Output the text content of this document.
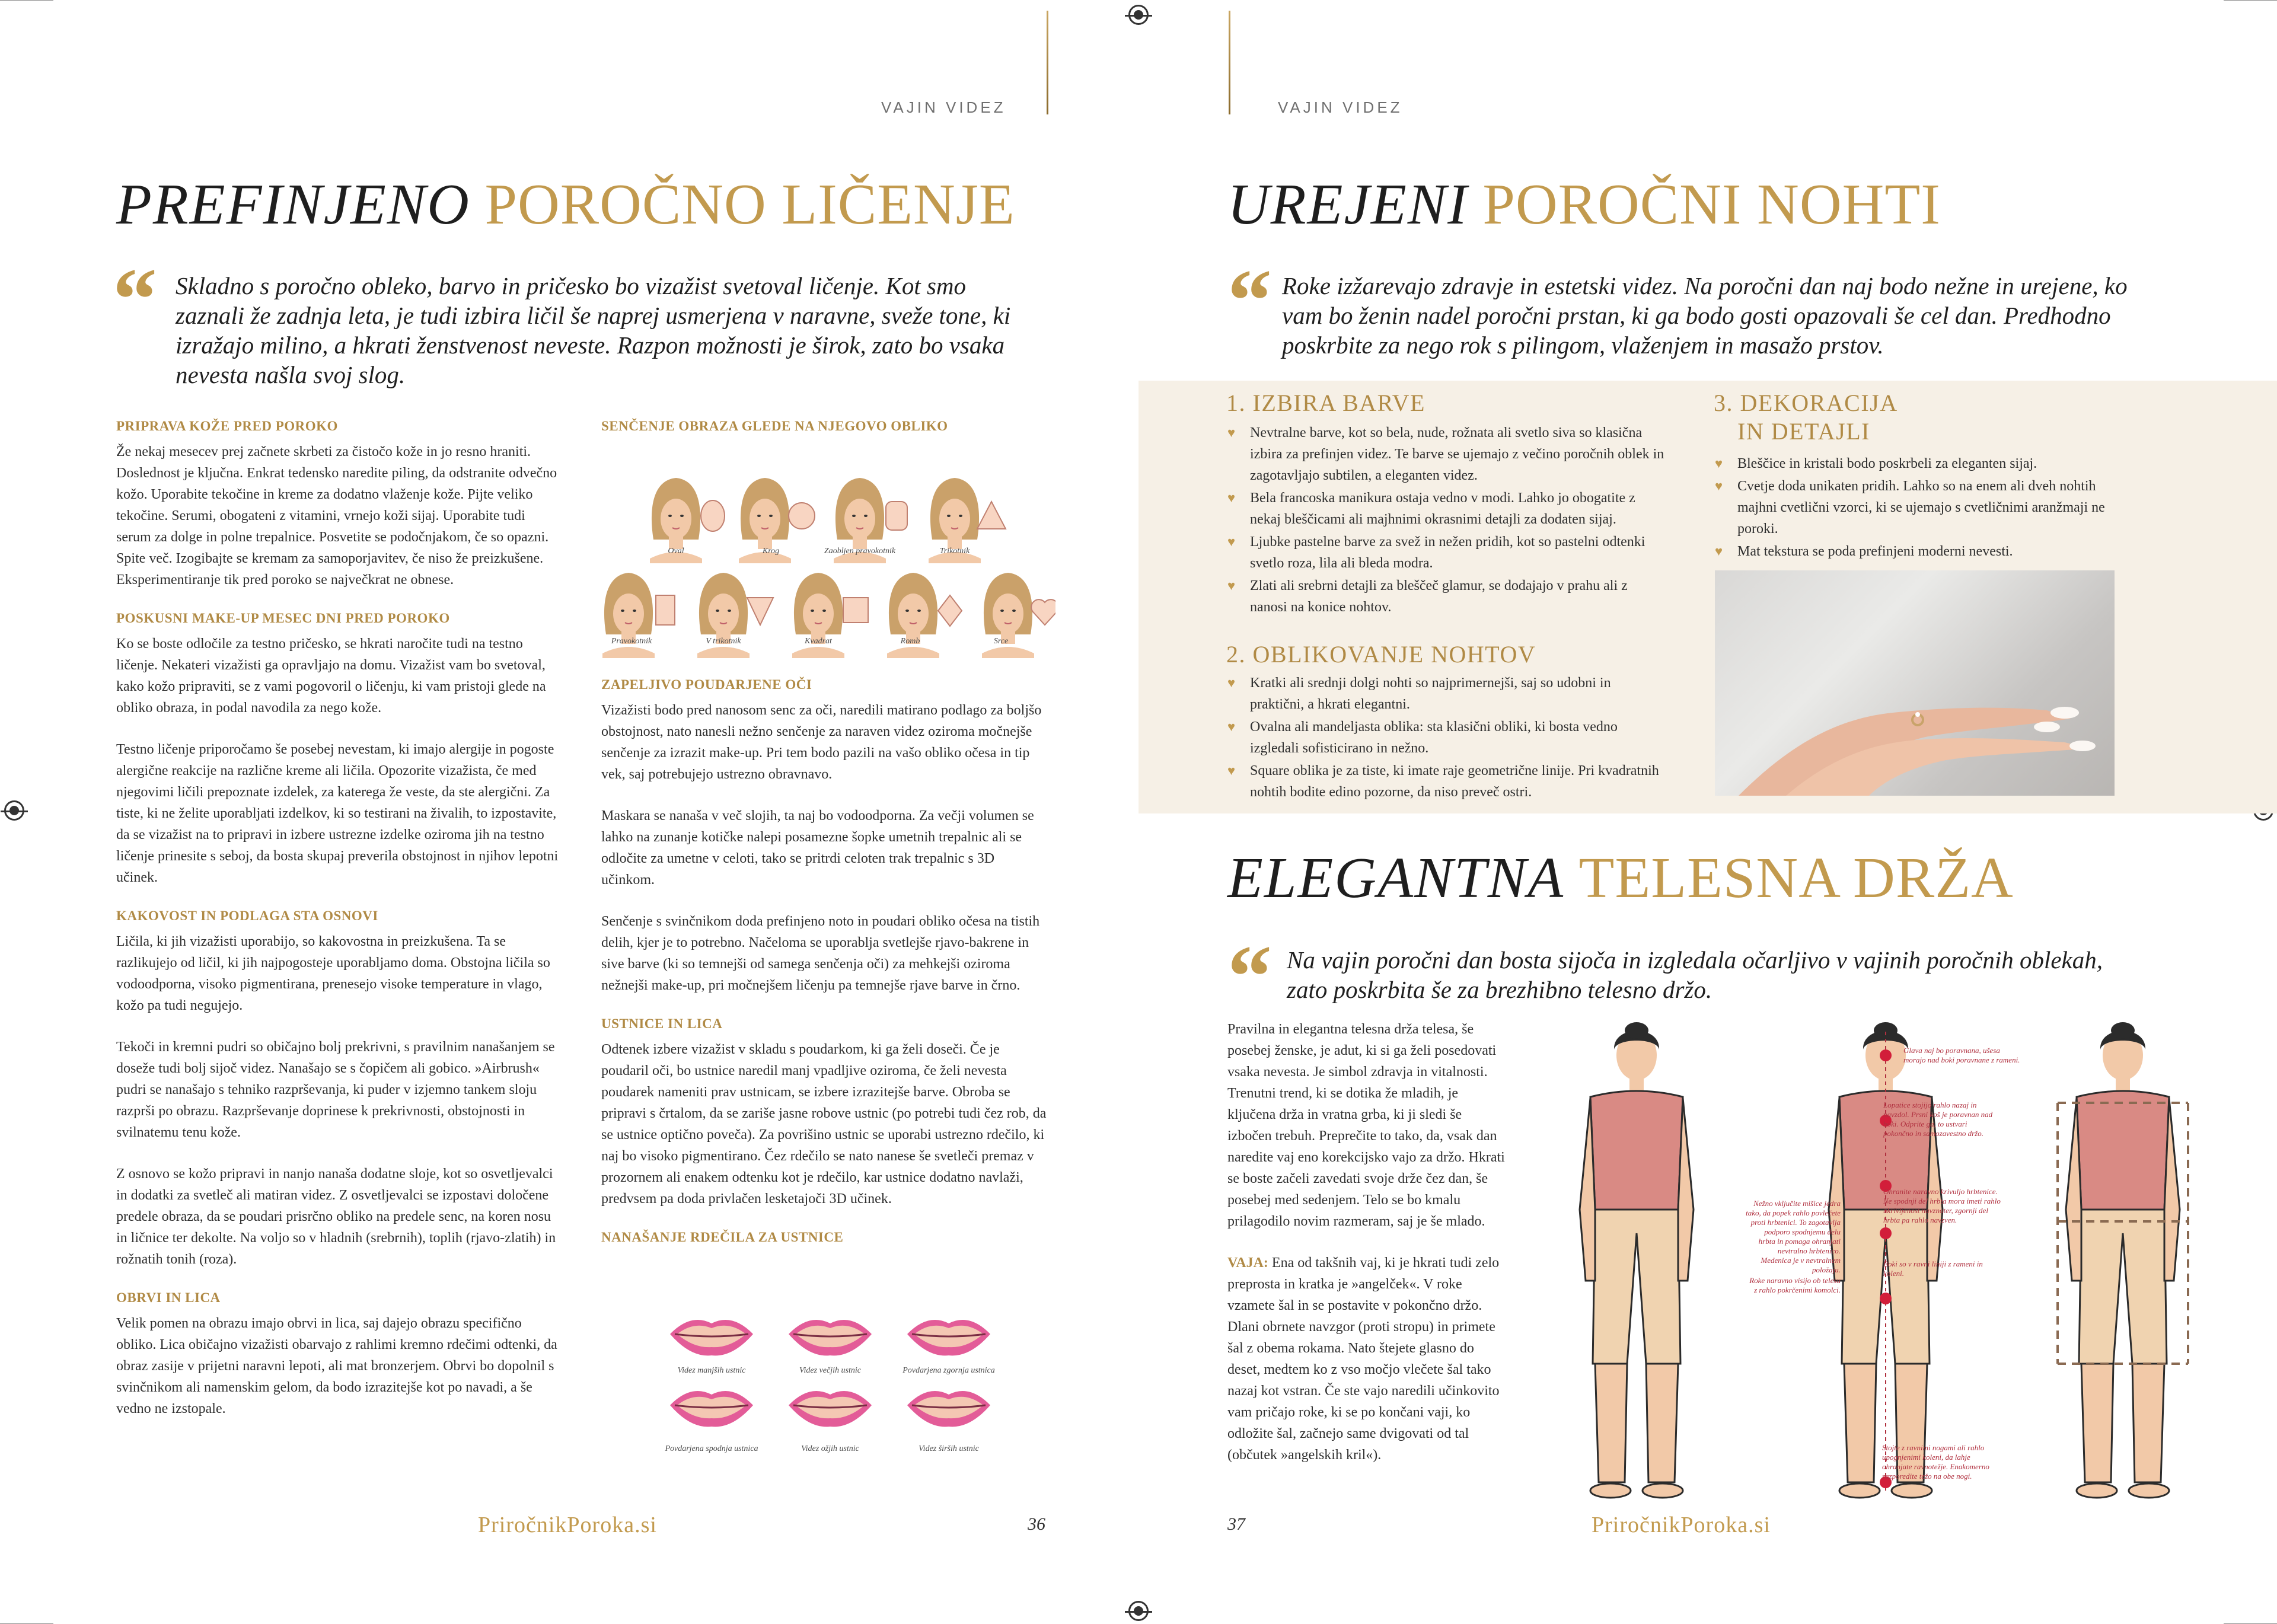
VAJIN VIDEZ
PREFINJENO POROČNO LIČENJE
“ Skladno s poročno obleko, barvo in pričesko bo vizažist svetoval ličenje. Kot smo zaznali že zadnja leta, je tudi izbira ličil še naprej usmerjena v naravne, sveže tone, ki izražajo milino, a hkrati ženstvenost neveste. Razpon možnosti je širok, zato bo vsaka nevesta našla svoj slog.
PRIPRAVA KOŽE PRED POROKO

Že nekaj mesecev prej začnete skrbeti za čistočo kože in jo resno hraniti. Doslednost je ključna. Enkrat tedensko naredite piling, da odstranite odvečno kožo. Uporabite tekočine in kreme za dodatno vlaženje kože. Pijte veliko tekočine. Serumi, obogateni z vitamini, vrnejo koži sijaj. Uporabite tudi serum za dolge in polne trepalnice. Posvetite se podočnjakom, če so opazni. Spite več. Izogibajte se kremam za samoporjavitev, če niso že preizkušene. Eksperimentiranje tik pred poroko se največkrat ne obnese.

POSKUSNI MAKE-UP MESEC DNI PRED POROKO

Ko se boste odločile za testno pričesko, se hkrati naročite tudi na testno ličenje. Nekateri vizažisti ga opravljajo na domu. Vizažist vam bo svetoval, kako kožo pripraviti, se z vami pogovoril o ličenju, ki vam pristoji glede na obliko obraza, in podal navodila za nego kože.

Testno ličenje priporočamo še posebej nevestam, ki imajo alergije in pogoste alergične reakcije na različne kreme ali ličila. Opozorite vizažista, če med njegovimi ličili prepoznate izdelek, za katerega že veste, da ste alergični. Za tiste, ki ne želite uporabljati izdelkov, ki so testirani na živalih, to izpostavite, da se vizažist na to pripravi in izbere ustrezne izdelke oziroma jih na testno ličenje prinesite s seboj, da bosta skupaj preverila obstojnost in njihov lepotni učinek.

KAKOVOST IN PODLAGA STA OSNOVI

Ličila, ki jih vizažisti uporabijo, so kakovostna in preizkušena. Ta se razlikujejo od ličil, ki jih najpogosteje uporabljamo doma. Obstojna ličila so vodoodporna, visoko pigmentirana, prenesejo visoke temperature in vlago, kožo pa tudi negujejo.

Tekoči in kremni pudri so običajno bolj prekrivni, s pravilnim nanašanjem se doseže tudi bolj sijoč videz. Nanašajo se s čopičem ali gobico. »Airbrush« pudri se nanašajo s tehniko razprševanja, ki puder v izjemno tankem sloju razprši po obrazu. Razprševanje doprinese k prekrivnosti, obstojnosti in svilnatemu tenu kože.

Z osnovo se kožo pripravi in nanjo nanaša dodatne sloje, kot so osvetljevalci in dodatki za svetleč ali matiran videz. Z osvetljevalci se izpostavi določene predele obraza, da se poudari prisrčno obliko na predele senc, na koren nosu in ličnice ter dekolte. Na voljo so v hladnih (srebrnih), toplih (rjavo-zlatih) in rožnatih tonih (roza).

OBRVI IN LICA

Velik pomen na obrazu imajo obrvi in lica, saj dajejo obrazu specifično obliko. Lica običajno vizažisti obarvajo z rahlimi kremno rdečimi odtenki, da obraz zasije v prijetni naravni lepoti, ali mat bronzerjem. Obrvi bo dopolnil s svinčnikom ali namenskim gelom, da bodo izrazitejše kot po navadi, a še vedno ne izstopale.

SENČENJE OBRAZA GLEDE NA NJEGOVO OBLIKO
Oval	Krog	Zaobljen pravokotnik	Trikotnik
Pravokotnik	V trikotnik	Kvadrat	Romb	Srce
ZAPELJIVO POUDARJENE OČI

Vizažisti bodo pred nanosom senc za oči, naredili matirano podlago za boljšo obstojnost, nato nanesli nežno senčenje za naraven videz oziroma močnejše senčenje za izrazit make-up. Pri tem bodo pazili na vašo obliko očesa in tip vek, saj potrebujejo ustrezno obravnavo.

Maskara se nanaša v več slojih, ta naj bo vodoodporna. Za večji volumen se lahko na zunanje kotičke nalepi posamezne šopke umetnih trepalnic ali se odločite za umetne v celoti, tako se pritrdi celoten trak trepalnic s 3D učinkom.

Senčenje s svinčnikom doda prefinjeno noto in poudari obliko očesa na tistih delih, kjer je to potrebno. Načeloma se uporablja svetlejše rjavo-bakrene in sive barve (ki so temnejši od samega senčenja oči) za mehkejši oziroma nežnejši make-up, pri močnejšem ličenju pa temnejše rjave barve in črno.

USTNICE IN LICA

Odtenek izbere vizažist v skladu s poudarkom, ki ga želi doseči. Če je poudaril oči, bo ustnice naredil manj vpadljive oziroma, če želi nevesta poudarek nameniti prav ustnicam, se izbere izrazitejše barve. Obroba se pripravi s črtalom, da se zariše jasne robove ustnic (po potrebi tudi čez rob, da se ustnice optično poveča). Za povrišino ustnic se uporabi ustrezno rdečilo, ki naj bo visoko pigmentirano. Čez rdečilo se nato nanese še svetleči premaz v prozornem ali enakem odtenku kot je rdečilo, kar ustnice dodatno navlaži, predvsem pa doda privlačen lesketajoči 3D učinek.

NANAŠANJE RDEČILA ZA USTNICE
Videz manjših ustnic	Videz večjih ustnic	Povdarjena zgornja ustnica
Povdarjena spodnja ustnica	Videz ožjih ustnic	Videz širših ustnic
PriročnikPoroka.si	36
VAJIN VIDEZ
UREJENI POROČNI NOHTI
“ Roke izžarevajo zdravje in estetski videz. Na poročni dan naj bodo nežne in urejene, ko vam bo ženin nadel poročni prstan, ki ga bodo gosti opazovali še cel dan. Predhodno poskrbite za nego rok s pilingom, vlaženjem in masažo prstov.
1. IZBIRA BARVE
♥ Nevtralne barve, kot so bela, nude, rožnata ali svetlo siva so klasična izbira za prefinjen videz. Te barve se ujemajo z večino poročnih oblek in zagotavljajo subtilen, a eleganten videz.
♥ Bela francoska manikura ostaja vedno v modi. Lahko jo obogatite z nekaj bleščicami ali majhnimi okrasnimi detajli za dodaten sijaj.
♥ Ljubke pastelne barve za svež in nežen pridih, kot so pastelni odtenki svetlo roza, lila ali bleda modra.
♥ Zlati ali srebrni detajli za bleščeč glamur, se dodajajo v prahu ali z nanosi na konice nohtov.
2. OBLIKOVANJE NOHTOV
♥ Kratki ali srednji dolgi nohti so najprimernejši, saj so udobni in praktični, a hkrati elegantni.
♥ Ovalna ali mandeljasta oblika: sta klasični obliki, ki bosta vedno izgledali sofisticirano in nežno.
♥ Square oblika je za tiste, ki imate raje geometrične linije. Pri kvadratnih nohtih bodite edino pozorne, da niso preveč ostri.
3. DEKORACIJA
IN DETAJLI
♥ Bleščice in kristali bodo poskrbeli za eleganten sijaj.
♥ Cvetje doda unikaten pridih. Lahko so na enem ali dveh nohtih majhni cvetlični vzorci, ki se ujemajo s cvetličnimi aranžmaji ne poroki.
♥ Mat tekstura se poda prefinjeni moderni nevesti.
ELEGANTNA TELESNA DRŽA
“ Na vajin poročni dan bosta sijoča in izgledala očarljivo v vajinih poročnih oblekah, zato poskrbita še za brezhibno telesno držo.

Pravilna in elegantna telesna drža telesa, še posebej ženske, je adut, ki si ga želi posedovati vsaka nevesta. Je simbol zdravja in vitalnosti. Trenutni trend, ki se dotika že mladih, je ključena drža in vratna grba, ki ji sledi še izbočen trebuh. Preprečite to tako, da, vsak dan naredite vaj eno korekcijsko vajo za držo. Hkrati se boste začeli zavedati svoje drže čez dan, še posebej med sedenjem. Telo se bo kmalu prilagodilo novim razmeram, saj je še mlado.

VAJA: Ena od takšnih vaj, ki je hkrati tudi zelo preprosta in kratka je »angelček«. V roke vzamete šal in se postavite v pokončno držo. Dlani obrnete navzgor (proti stropu) in primete šal z obema rokama. Nato štejete glasno do deset, medtem ko z vso močjo vlečete šal tako nazaj kot vstran. Če ste vajo naredili učinkovito vam pričajo roke, ki se po končani vaji, ko odložite šal, začnejo same dvigovati od tal (občutek »angelskih kril«).

Glava naj bo poravnana, ušesa morajo nad boki poravnane z rameni.
Lopatice stojijo rahlo nazaj in navzdol. Prsni koš je poravnan nad boki. Odprite ga, to ustvari pokončno in samozavestno držo.
Nežno vključite mišice jedra tako, da popek rahlo povlečete proti hrbtenici. To zagotavlja podporo spodnjemu delu hrbta in pomaga ohranjati nevtralno hrbtenico. Medenica je v nevtralnem položaju.
Ohranite naravno krivuljo hrbtenice. Ne spodnji del hrbta mora imeti rahlo ukrivljenost navznoter, zgornji del hrbta pa rahlo navzven.
Boki so v ravni liniji z rameni in koleni.
Roke naravno visijo ob telesu z rahlo pokrčenimi komolci.
Stojte z ravnimi nogami ali rahlo upognjenimi koleni, da lahje ohranjate ravnotežje. Enakomerno razporedite težo na obe nogi.
37	PriročnikPoroka.si
